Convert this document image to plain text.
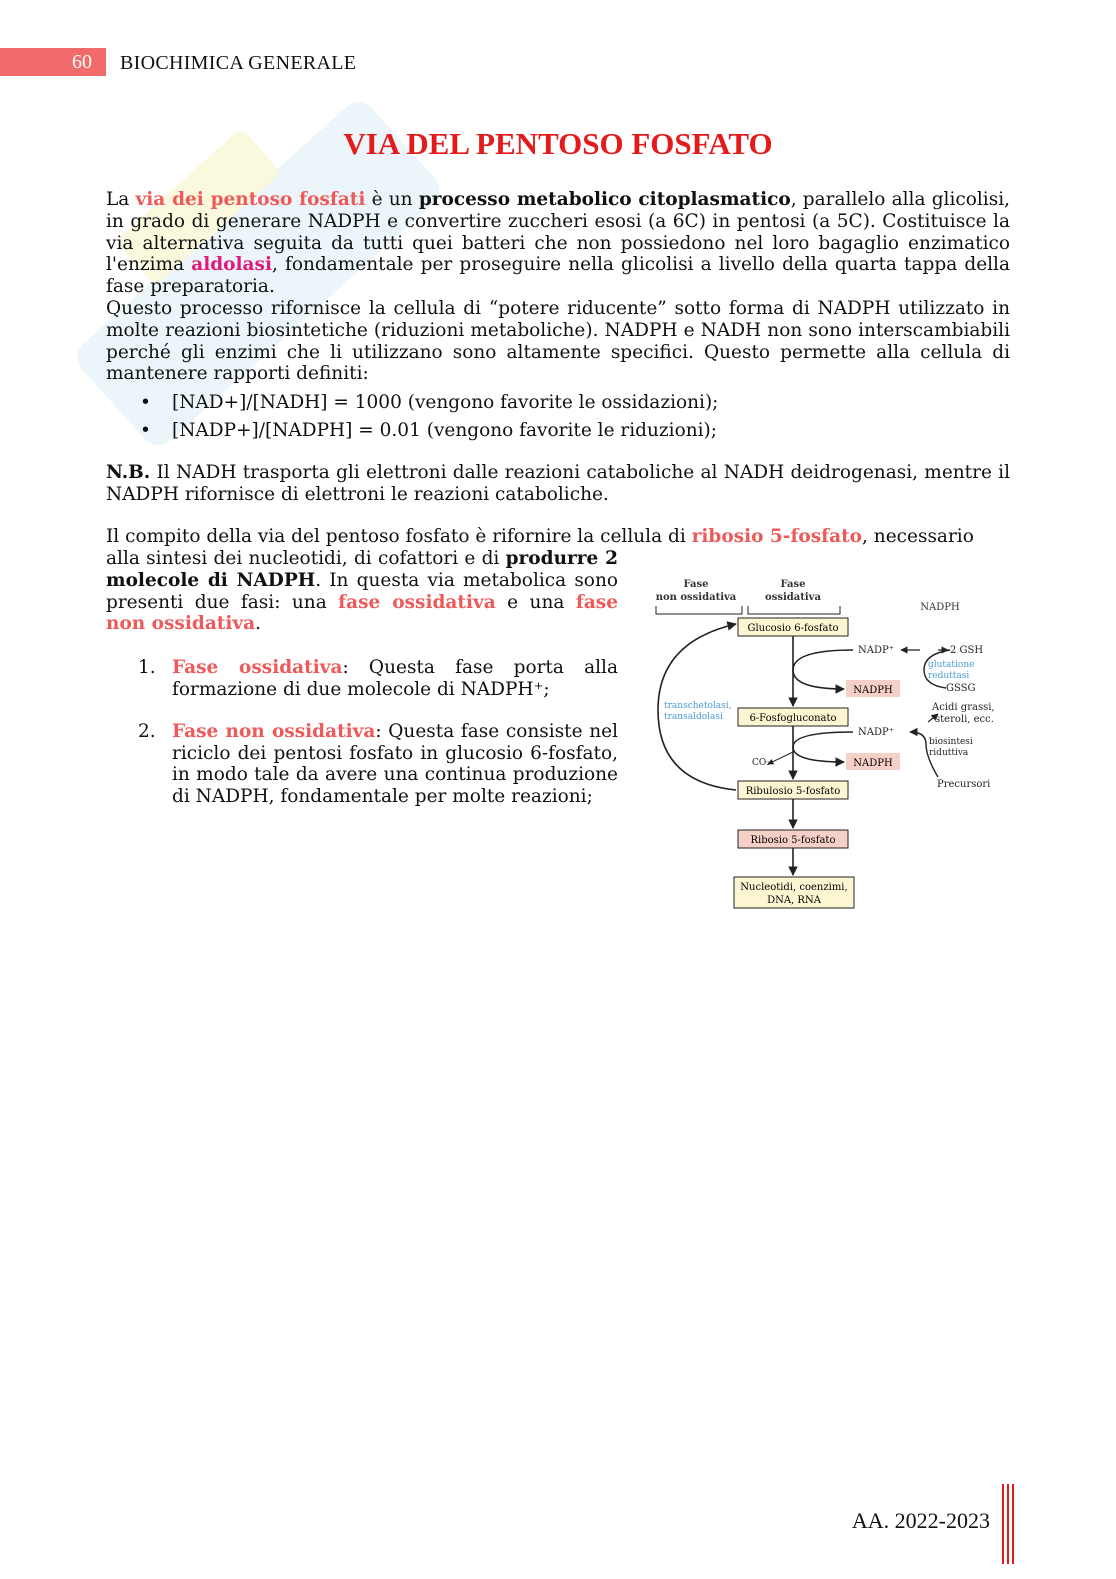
60 BIOCHIMICA GENERALE
VIA DEL PENTOSO FOSFATO

La via dei pentoso fosfati è un processo metabolico citoplasmatico, parallelo alla glicolisi, in grado di generare NADPH e convertire zuccheri esosi (a 6C) in pentosi (a 5C). Costituisce la via alternativa seguita da tutti quei batteri che non possiedono nel loro bagaglio enzimatico l'enzima aldolasi, fondamentale per proseguire nella glicolisi a livello della quarta tappa della fase preparatoria.

Questo processo rifornisce la cellula di “potere riducente” sotto forma di NADPH utilizzato in molte reazioni biosintetiche (riduzioni metaboliche). NADPH e NADH non sono interscambiabili perché gli enzimi che li utilizzano sono altamente specifici. Questo permette alla cellula di mantenere rapporti definiti:

• [NAD+]/[NADH] = 1000 (vengono favorite le ossidazioni);
• [NADP+]/[NADPH] = 0.01 (vengono favorite le riduzioni);

N.B. Il NADH trasporta gli elettroni dalle reazioni cataboliche al NADH deidrogenasi, mentre il NADPH rifornisce di elettroni le reazioni cataboliche.

Il compito della via del pentoso fosfato è rifornire la cellula di ribosio 5-fosfato, necessario

alla sintesi dei nucleotidi, di cofattori e di produrre 2 molecole di NADPH. In questa via metabolica sono presenti due fasi: una fase ossidativa e una fase non ossidativa.

1. Fase ossidativa: Questa fase porta alla formazione di due molecole di NADPH⁺;
2. Fase non ossidativa: Questa fase consiste nel riciclo dei pentosi fosfato in glucosio 6-fosfato, in modo tale da avere una continua produzione di NADPH, fondamentale per molte reazioni;
Fase
non ossidativa
Fase
ossidativa
NADPH
Glucosio 6-fosfato
6-Fosfogluconato
Ribulosio 5-fosfato
Ribosio 5-fosfato
Nucleotidi, coenzimi,
DNA, RNA
NADP⁺
NADPH
NADP⁺
NADPH
CO₂
2 GSH
glutatione
reduttasi
GSSG
Acidi grassi,
steroli, ecc.
biosintesi
riduttiva
Precursori
transchetolasi,
transaldolasi
AA. 2022-2023
